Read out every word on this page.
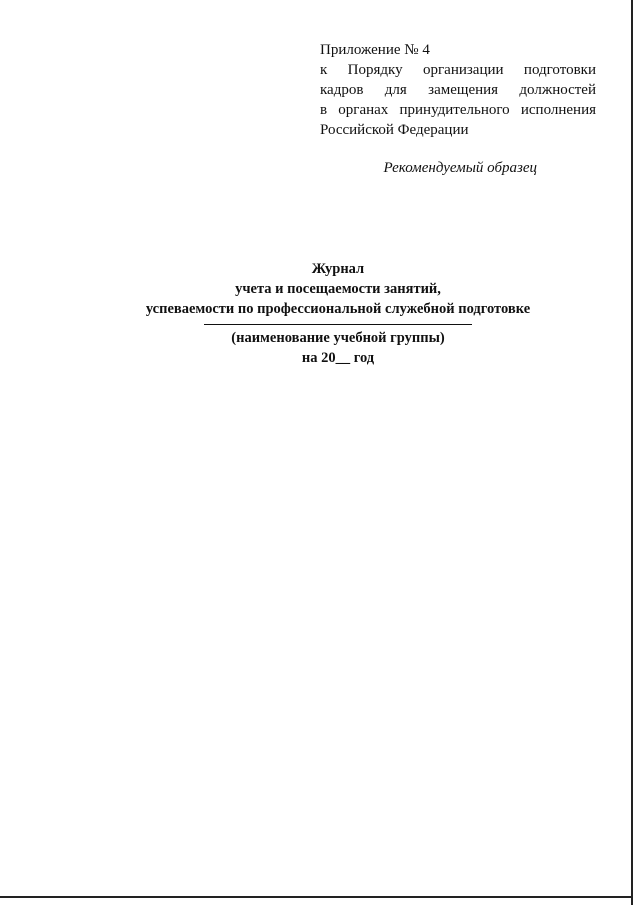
Приложение № 4
к Порядку организации подготовки
кадров для замещения должностей
в органах принудительного исполнения
Российской Федерации
Рекомендуемый образец
Журнал
учета и посещаемости занятий,
успеваемости по профессиональной служебной подготовке
(наименование учебной группы)
на 20__ год
